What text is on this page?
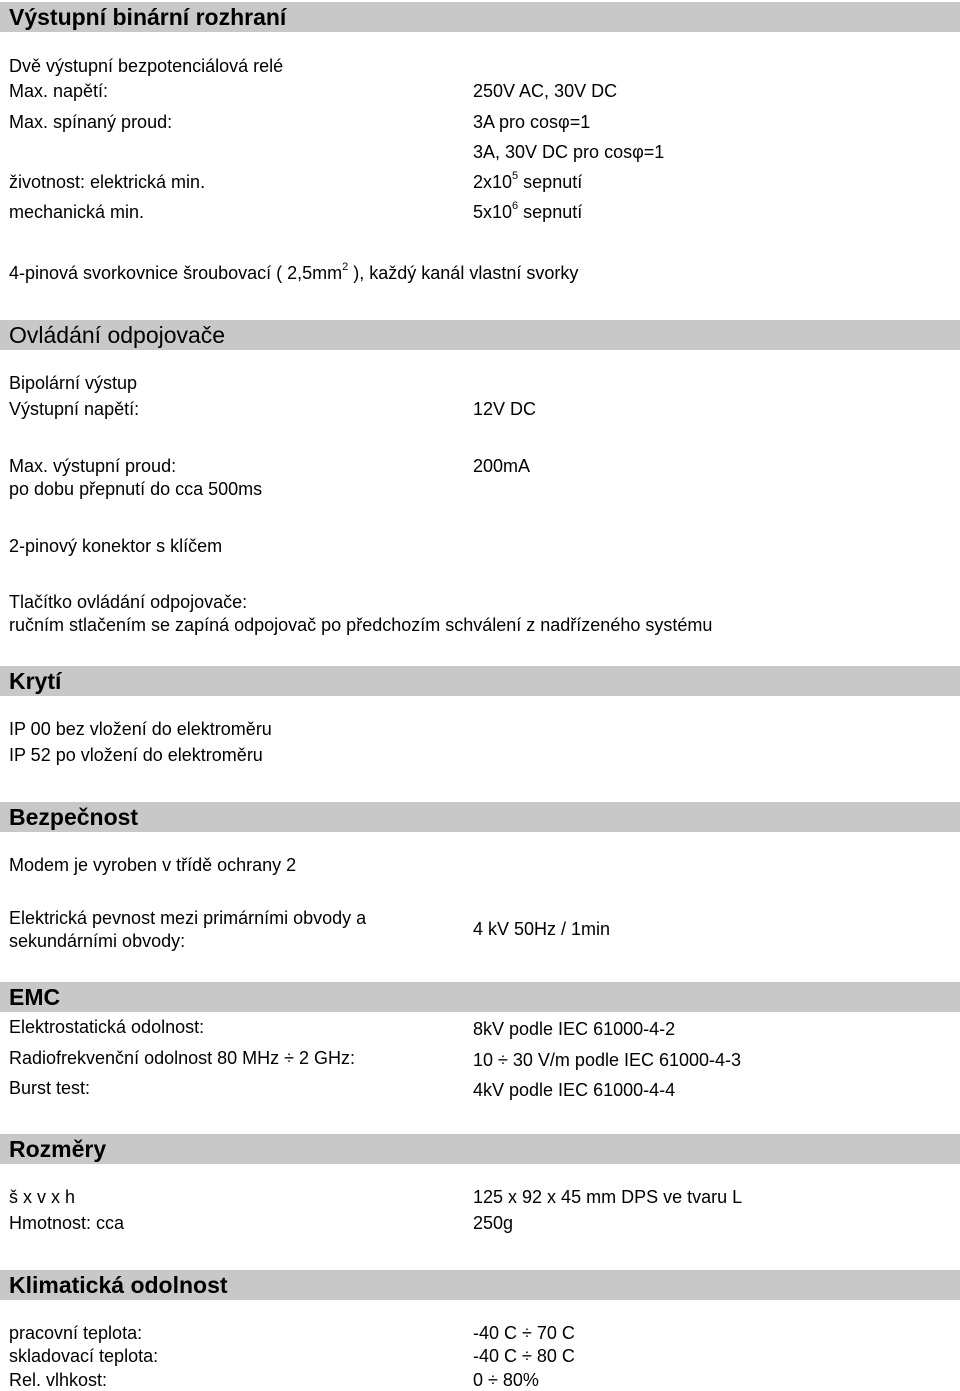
Výstupní binární rozhraní
Dvě výstupní bezpotenciálová relé
Max. napětí:	250V AC, 30V DC
Max. spínaný proud:	3A pro cosφ=1
3A, 30V DC pro cosφ=1
životnost: elektrická min.	$2x10^5$ sepnutí
mechanická min.	$5x10^6$ sepnutí
4-pinová svorkovnice šroubovací ( $2,5mm^2$ ), každý kanál vlastní svorky
Ovládání odpojovače
Bipolární výstup
Výstupní napětí:	12V DC
Max. výstupní proud:	200mA
po dobu přepnutí do cca 500ms
2-pinový konektor s klíčem
Tlačítko ovládání odpojovače:
ručním stlačením se zapíná odpojovač po předchozím schválení z nadřízeného systému
Krytí
IP 00 bez vložení do elektroměru
IP 52 po vložení do elektroměru
Bezpečnost
Modem je vyroben v třídě ochrany 2
Elektrická pevnost mezi primárními obvody a
sekundárními obvody:
4 kV 50Hz / 1min
EMC
Elektrostatická odolnost:	8kV podle IEC 61000-4-2
Radiofrekvenční odolnost 80 MHz ÷ 2 GHz:	10 ÷ 30 V/m podle IEC 61000-4-3
Burst test:	4kV podle IEC 61000-4-4
Rozměry
š x v x h	125 x 92 x 45 mm DPS ve tvaru L
Hmotnost: cca	250g
Klimatická odolnost
pracovní teplota:	-40 C ÷ 70 C
skladovací teplota:	-40 C ÷ 80 C
Rel. vlhkost:	0 ÷ 80%
